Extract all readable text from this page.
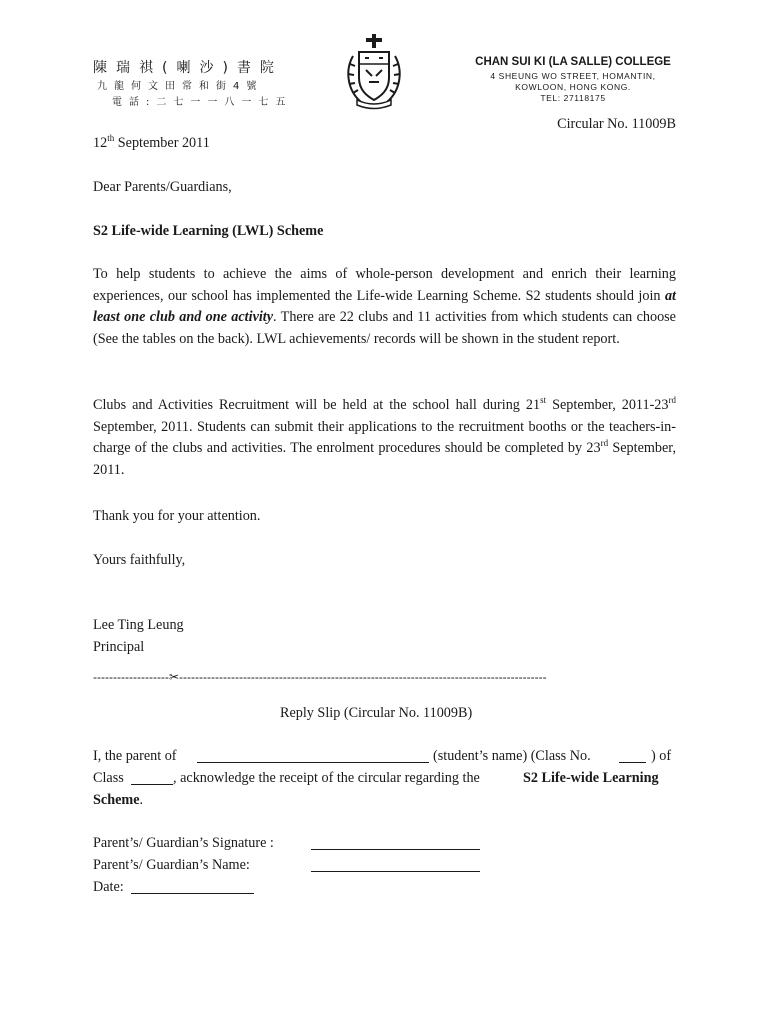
陳瑞祺(喇沙)書院
九龍何文田常和街4號
電話:二七一一八一七五
CHAN SUI KI (LA SALLE) COLLEGE
4 SHEUNG WO STREET, HOMANTIN,
KOWLOON, HONG KONG.
TEL: 27118175
Circular No. 11009B
12th September 2011
Dear Parents/Guardians,
S2 Life-wide Learning (LWL) Scheme
To help students to achieve the aims of whole-person development and enrich their learning experiences, our school has implemented the Life-wide Learning Scheme. S2 students should join at least one club and one activity. There are 22 clubs and 11 activities from which students can choose (See the tables on the back). LWL achievements/ records will be shown in the student report.
Clubs and Activities Recruitment will be held at the school hall during 21st September, 2011-23rd September, 2011. Students can submit their applications to the recruitment booths or the teachers-in-charge of the clubs and activities. The enrolment procedures should be completed by 23rd September, 2011.
Thank you for your attention.
Yours faithfully,
Lee Ting Leung
Principal
-------------------✂--------------------------------------------------------------------------------------------
Reply Slip (Circular No. 11009B)
I, the parent of	(student’s name) (Class No.	) of
Class	, acknowledge the receipt of the circular regarding the	S2 Life-wide Learning
Scheme.
Parent’s/ Guardian’s Signature :
Parent’s/ Guardian’s Name:
Date:
